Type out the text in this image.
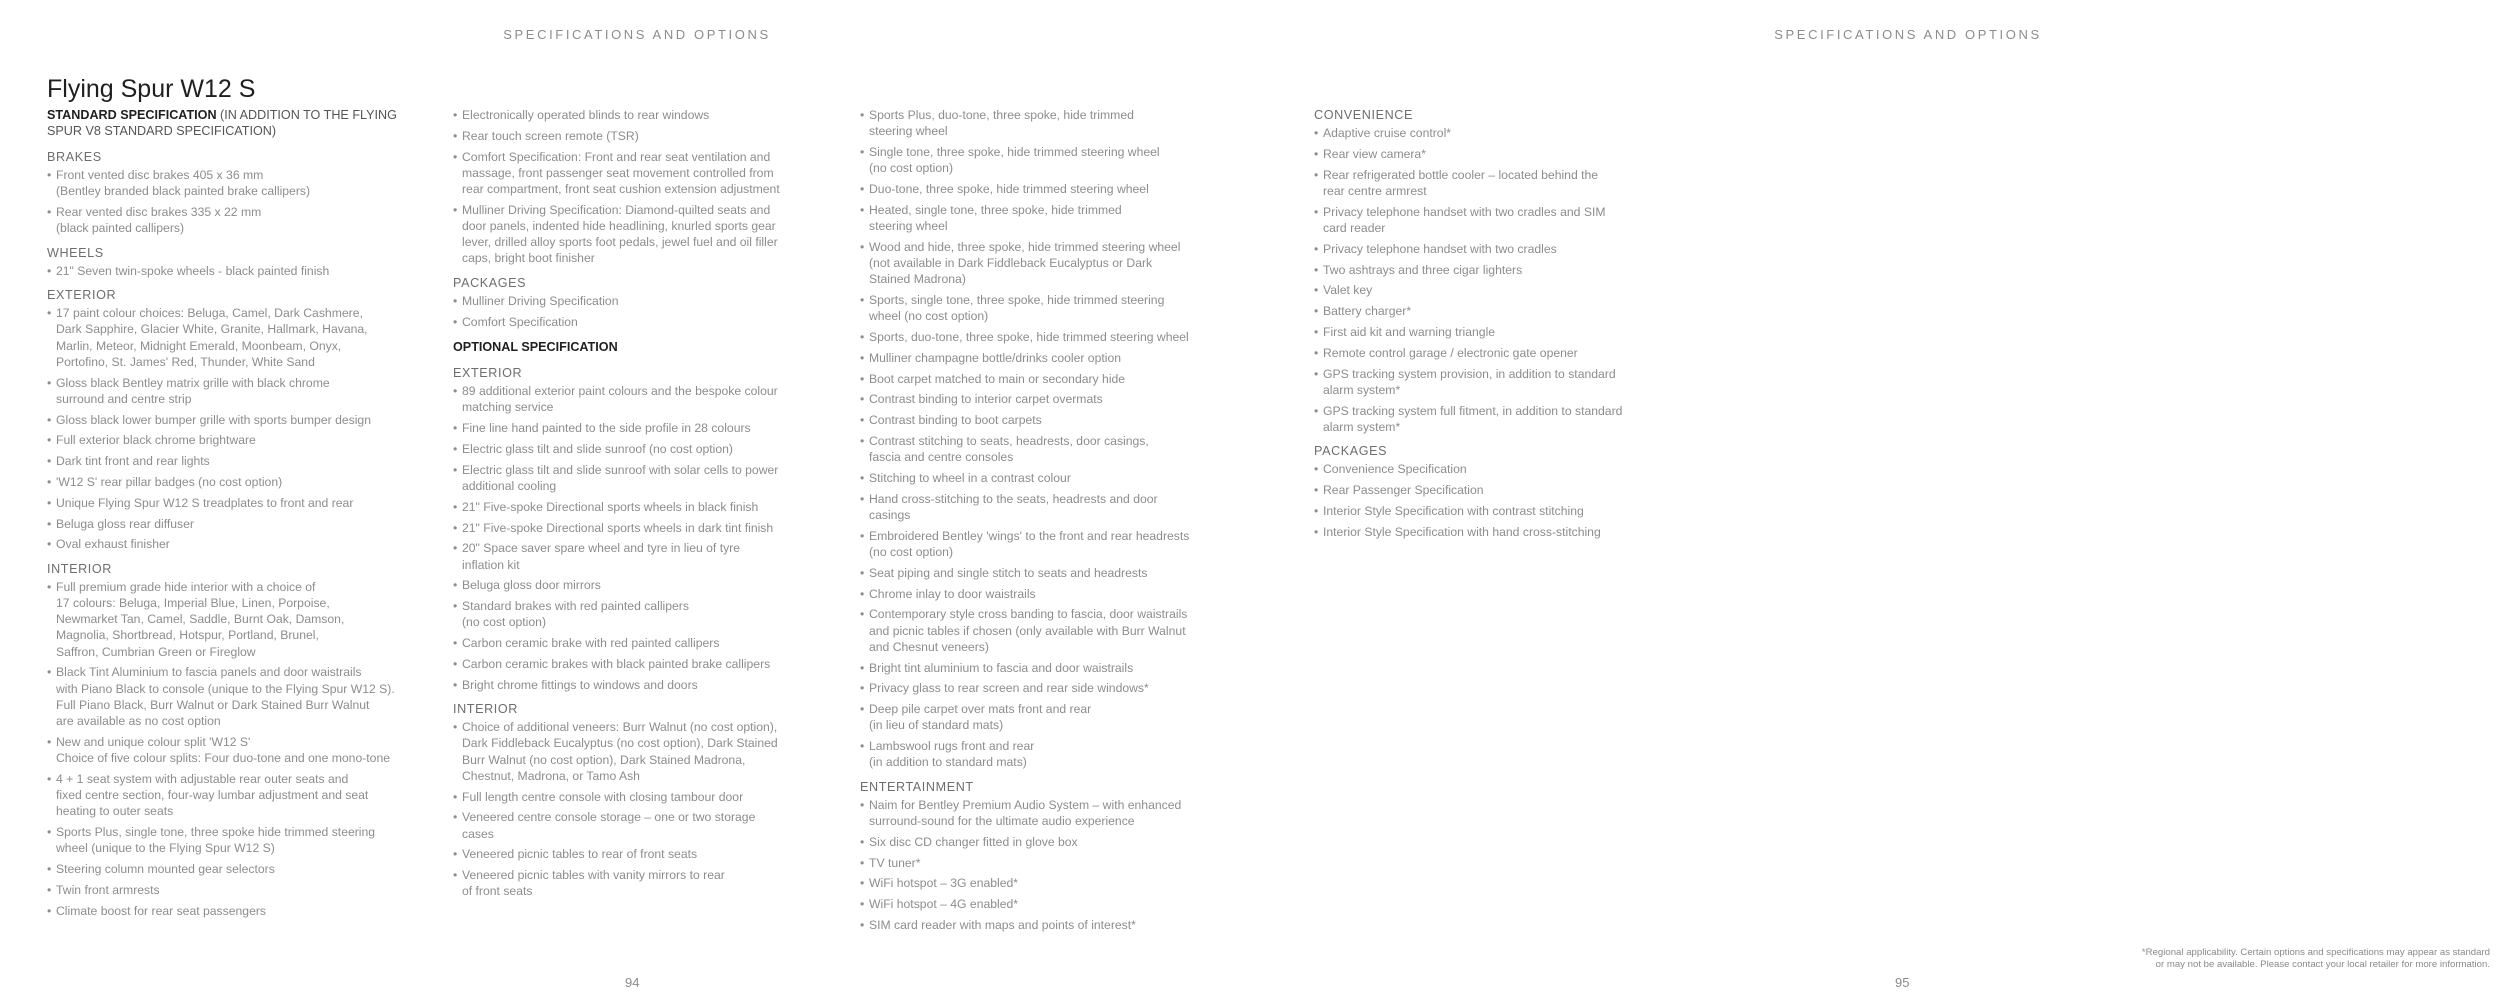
SPECIFICATIONS AND OPTIONS	SPECIFICATIONS AND OPTIONS
Flying Spur W12 S
STANDARD SPECIFICATION (IN ADDITION TO THE FLYING SPUR V8 STANDARD SPECIFICATION)
BRAKES
• Front vented disc brakes 405 x 36 mm
(Bentley branded black painted brake callipers)
• Rear vented disc brakes 335 x 22 mm
(black painted callipers)
WHEELS
• 21" Seven twin-spoke wheels - black painted finish
EXTERIOR
• 17 paint colour choices: Beluga, Camel, Dark Cashmere,
Dark Sapphire, Glacier White, Granite, Hallmark, Havana,
Marlin, Meteor, Midnight Emerald, Moonbeam, Onyx,
Portofino, St. James' Red, Thunder, White Sand
• Gloss black Bentley matrix grille with black chrome
surround and centre strip
• Gloss black lower bumper grille with sports bumper design
• Full exterior black chrome brightware
• Dark tint front and rear lights
• 'W12 S' rear pillar badges (no cost option)
• Unique Flying Spur W12 S treadplates to front and rear
• Beluga gloss rear diffuser
• Oval exhaust finisher
INTERIOR
• Full premium grade hide interior with a choice of
17 colours: Beluga, Imperial Blue, Linen, Porpoise,
Newmarket Tan, Camel, Saddle, Burnt Oak, Damson,
Magnolia, Shortbread, Hotspur, Portland, Brunel,
Saffron, Cumbrian Green or Fireglow
• Black Tint Aluminium to fascia panels and door waistrails
with Piano Black to console (unique to the Flying Spur W12 S).
Full Piano Black, Burr Walnut or Dark Stained Burr Walnut
are available as no cost option
• New and unique colour split 'W12 S'
Choice of five colour splits: Four duo-tone and one mono-tone
• 4 + 1 seat system with adjustable rear outer seats and
fixed centre section, four-way lumbar adjustment and seat
heating to outer seats
• Sports Plus, single tone, three spoke hide trimmed steering
wheel (unique to the Flying Spur W12 S)
• Steering column mounted gear selectors
• Twin front armrests
• Climate boost for rear seat passengers
• Electronically operated blinds to rear windows
• Rear touch screen remote (TSR)
• Comfort Specification: Front and rear seat ventilation and
massage, front passenger seat movement controlled from
rear compartment, front seat cushion extension adjustment
• Mulliner Driving Specification: Diamond-quilted seats and
door panels, indented hide headlining, knurled sports gear
lever, drilled alloy sports foot pedals, jewel fuel and oil filler
caps, bright boot finisher
PACKAGES
• Mulliner Driving Specification
• Comfort Specification
OPTIONAL SPECIFICATION
EXTERIOR
• 89 additional exterior paint colours and the bespoke colour
matching service
• Fine line hand painted to the side profile in 28 colours
• Electric glass tilt and slide sunroof (no cost option)
• Electric glass tilt and slide sunroof with solar cells to power
additional cooling
• 21" Five-spoke Directional sports wheels in black finish
• 21" Five-spoke Directional sports wheels in dark tint finish
• 20" Space saver spare wheel and tyre in lieu of tyre
inflation kit
• Beluga gloss door mirrors
• Standard brakes with red painted callipers
(no cost option)
• Carbon ceramic brake with red painted callipers
• Carbon ceramic brakes with black painted brake callipers
• Bright chrome fittings to windows and doors
INTERIOR
• Choice of additional veneers: Burr Walnut (no cost option),
Dark Fiddleback Eucalyptus (no cost option), Dark Stained
Burr Walnut (no cost option), Dark Stained Madrona,
Chestnut, Madrona, or Tamo Ash
• Full length centre console with closing tambour door
• Veneered centre console storage – one or two storage
cases
• Veneered picnic tables to rear of front seats
• Veneered picnic tables with vanity mirrors to rear
of front seats
• Sports Plus, duo-tone, three spoke, hide trimmed
steering wheel
• Single tone, three spoke, hide trimmed steering wheel
(no cost option)
• Duo-tone, three spoke, hide trimmed steering wheel
• Heated, single tone, three spoke, hide trimmed
steering wheel
• Wood and hide, three spoke, hide trimmed steering wheel
(not available in Dark Fiddleback Eucalyptus or Dark
Stained Madrona)
• Sports, single tone, three spoke, hide trimmed steering
wheel (no cost option)
• Sports, duo-tone, three spoke, hide trimmed steering wheel
• Mulliner champagne bottle/drinks cooler option
• Boot carpet matched to main or secondary hide
• Contrast binding to interior carpet overmats
• Contrast binding to boot carpets
• Contrast stitching to seats, headrests, door casings,
fascia and centre consoles
• Stitching to wheel in a contrast colour
• Hand cross-stitching to the seats, headrests and door
casings
• Embroidered Bentley 'wings' to the front and rear headrests
(no cost option)
• Seat piping and single stitch to seats and headrests
• Chrome inlay to door waistrails
• Contemporary style cross banding to fascia, door waistrails
and picnic tables if chosen (only available with Burr Walnut
and Chesnut veneers)
• Bright tint aluminium to fascia and door waistrails
• Privacy glass to rear screen and rear side windows*
• Deep pile carpet over mats front and rear
(in lieu of standard mats)
• Lambswool rugs front and rear
(in addition to standard mats)
ENTERTAINMENT
• Naim for Bentley Premium Audio System – with enhanced
surround-sound for the ultimate audio experience
• Six disc CD changer fitted in glove box
• TV tuner*
• WiFi hotspot – 3G enabled*
• WiFi hotspot – 4G enabled*
• SIM card reader with maps and points of interest*
CONVENIENCE
• Adaptive cruise control*
• Rear view camera*
• Rear refrigerated bottle cooler – located behind the
rear centre armrest
• Privacy telephone handset with two cradles and SIM
card reader
• Privacy telephone handset with two cradles
• Two ashtrays and three cigar lighters
• Valet key
• Battery charger*
• First aid kit and warning triangle
• Remote control garage / electronic gate opener
• GPS tracking system provision, in addition to standard
alarm system*
• GPS tracking system full fitment, in addition to standard
alarm system*
PACKAGES
• Convenience Specification
• Rear Passenger Specification
• Interior Style Specification with contrast stitching
• Interior Style Specification with hand cross-stitching
94	95
*Regional applicability. Certain options and specifications may appear as standard
or may not be available. Please contact your local retailer for more information.
